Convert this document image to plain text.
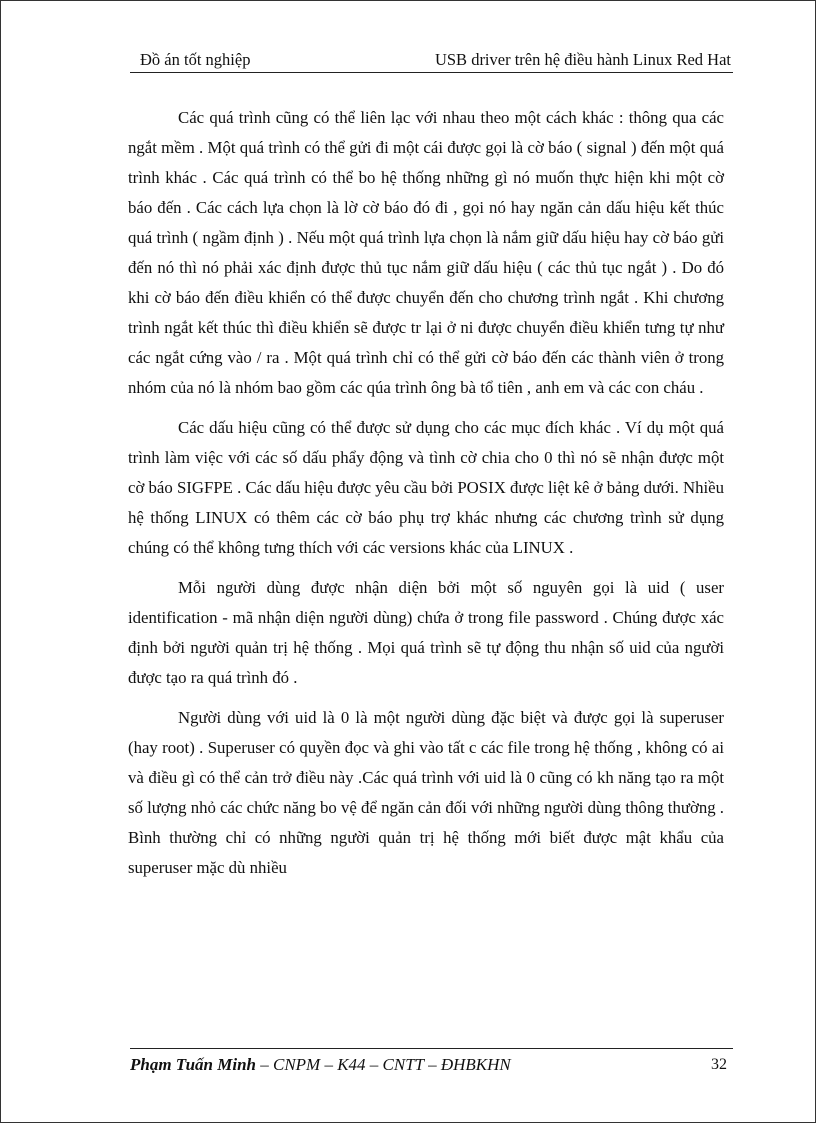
Đồ án tốt nghiệp	USB driver trên hệ điều hành Linux Red Hat

Các quá trình cũng có thể liên lạc với nhau theo một cách khác : thông qua các ngắt mềm . Một quá trình có thể gửi đi một cái được gọi là cờ báo ( signal ) đến một quá trình khác . Các quá trình có thể bo hệ thống những gì nó muốn thực hiện khi một cờ báo đến . Các cách lựa chọn là lờ cờ báo đó đi , gọi nó hay ngăn cản dấu hiệu kết thúc quá trình ( ngầm định ) . Nếu một quá trình lựa chọn là nắm giữ dấu hiệu hay cờ báo gửi đến nó thì nó phải xác định được thủ tục nắm giữ dấu hiệu ( các thủ tục ngắt ) . Do đó khi cờ báo đến điều khiển có thể được chuyển đến cho chương trình ngắt . Khi chương trình ngắt kết thúc thì điều khiển sẽ được tr lại ở ni được chuyển điều khiển tưng tự như các ngắt cứng vào / ra . Một quá trình chỉ có thể gửi cờ báo đến các thành viên ở trong nhóm của nó là nhóm bao gồm các qúa trình ông bà tổ tiên , anh em và các con cháu .

Các dấu hiệu cũng có thể được sử dụng cho các mục đích khác . Ví dụ một quá trình làm việc với các số dấu phẩy động và tình cờ chia cho 0 thì nó sẽ nhận được một cờ báo SIGFPE . Các dấu hiệu được yêu cầu bởi POSIX được liệt kê ở bảng dưới. Nhiều hệ thống LINUX có thêm các cờ báo phụ trợ khác nhưng các chương trình sử dụng chúng có thể không tưng thích với các versions khác của LINUX .

Mỗi người dùng được nhận diện bởi một số nguyên gọi là uid ( user identification - mã nhận diện người dùng) chứa ở trong file password . Chúng được xác định bởi người quản trị hệ thống . Mọi quá trình sẽ tự động thu nhận số uid của người được tạo ra quá trình đó .

Người dùng với uid là 0 là một người dùng đặc biệt và được gọi là superuser (hay root) . Superuser có quyền đọc và ghi vào tất c các file trong hệ thống , không có ai và điều gì có thể cản trở điều này .Các quá trình với uid là 0 cũng có kh năng tạo ra một số lượng nhỏ các chức năng bo vệ để ngăn cản đối với những người dùng thông thường . Bình thường chỉ có những người quản trị hệ thống mới biết được mật khẩu của superuser mặc dù nhiều

Phạm Tuấn Minh – CNPM – K44 – CNTT – ĐHBKHN	32
